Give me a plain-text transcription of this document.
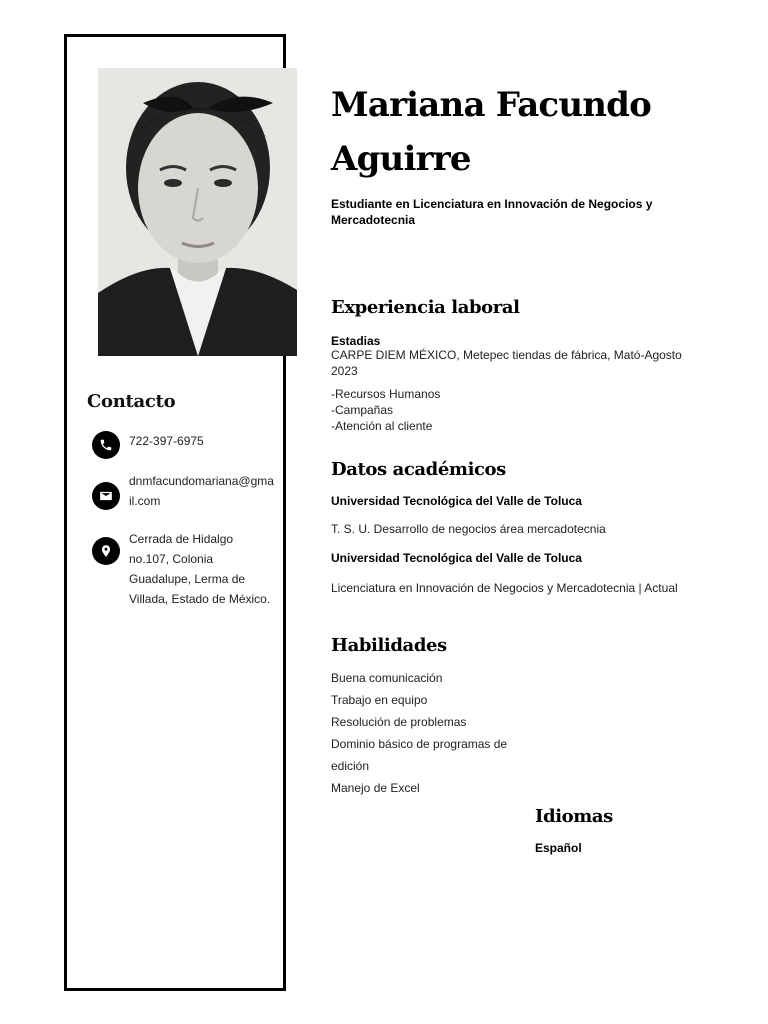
Contacto
722-397-6975
dnmfacundomariana@gmail.com
Cerrada de Hidalgo no.107, Colonia Guadalupe, Lerma de Villada, Estado de México.
Mariana Facundo
Aguirre
Estudiante en Licenciatura en Innovación de Negocios y Mercadotecnia
Experiencia laboral
Estadias
CARPE DIEM MÉXICO, Metepec tiendas de fábrica, Mató-Agosto 2023
-Recursos Humanos
-Campañas
-Atención al cliente
Datos académicos
Universidad Tecnológica del Valle de Toluca
T. S. U. Desarrollo de negocios área mercadotecnia
Universidad Tecnológica del Valle de Toluca
Licenciatura en Innovación de Negocios y Mercadotecnia | Actual
Habilidades
Buena comunicación
Trabajo en equipo
Resolución de problemas
Dominio básico de programas de
edición
Manejo de Excel
Idiomas
Español
